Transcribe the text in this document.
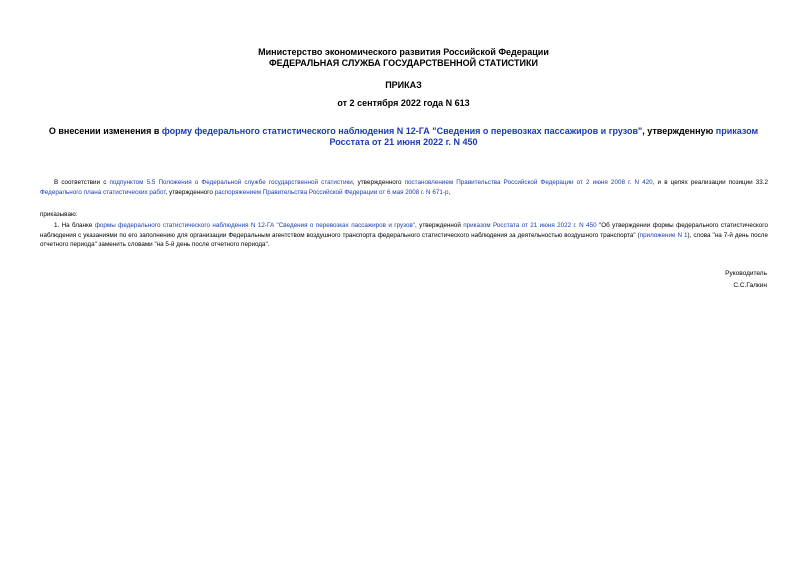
Министерство экономического развития Российской Федерации
ФЕДЕРАЛЬНАЯ СЛУЖБА ГОСУДАРСТВЕННОЙ СТАТИСТИКИ
ПРИКАЗ
от 2 сентября 2022 года N 613
О внесении изменения в форму федерального статистического наблюдения N 12-ГА "Сведения о перевозках пассажиров и грузов", утвержденную приказом Росстата от 21 июня 2022 г. N 450
В соответствии с подпунктом 5.5 Положения о Федеральной службе государственной статистики, утвержденного постановлением Правительства Российской Федерации от 2 июня 2008 г. N 420, и в целях реализации позиции 33.2 Федерального плана статистических работ, утвержденного распоряжением Правительства Российской Федерации от 6 мая 2008 г. N 671-р,
приказываю:
1. На бланке формы федерального статистического наблюдения N 12-ГА "Сведения о перевозках пассажиров и грузов", утвержденной приказом Росстата от 21 июня 2022 г. N 450 "Об утверждении формы федерального статистического наблюдения с указаниями по его заполнению для организации Федеральным агентством воздушного транспорта федерального статистического наблюдения за деятельностью воздушного транспорта" (приложение N 1), слова "на 7-й день после отчетного периода" заменить словами "на 5-й день после отчетного периода".
Руководитель
С.С.Галкин
